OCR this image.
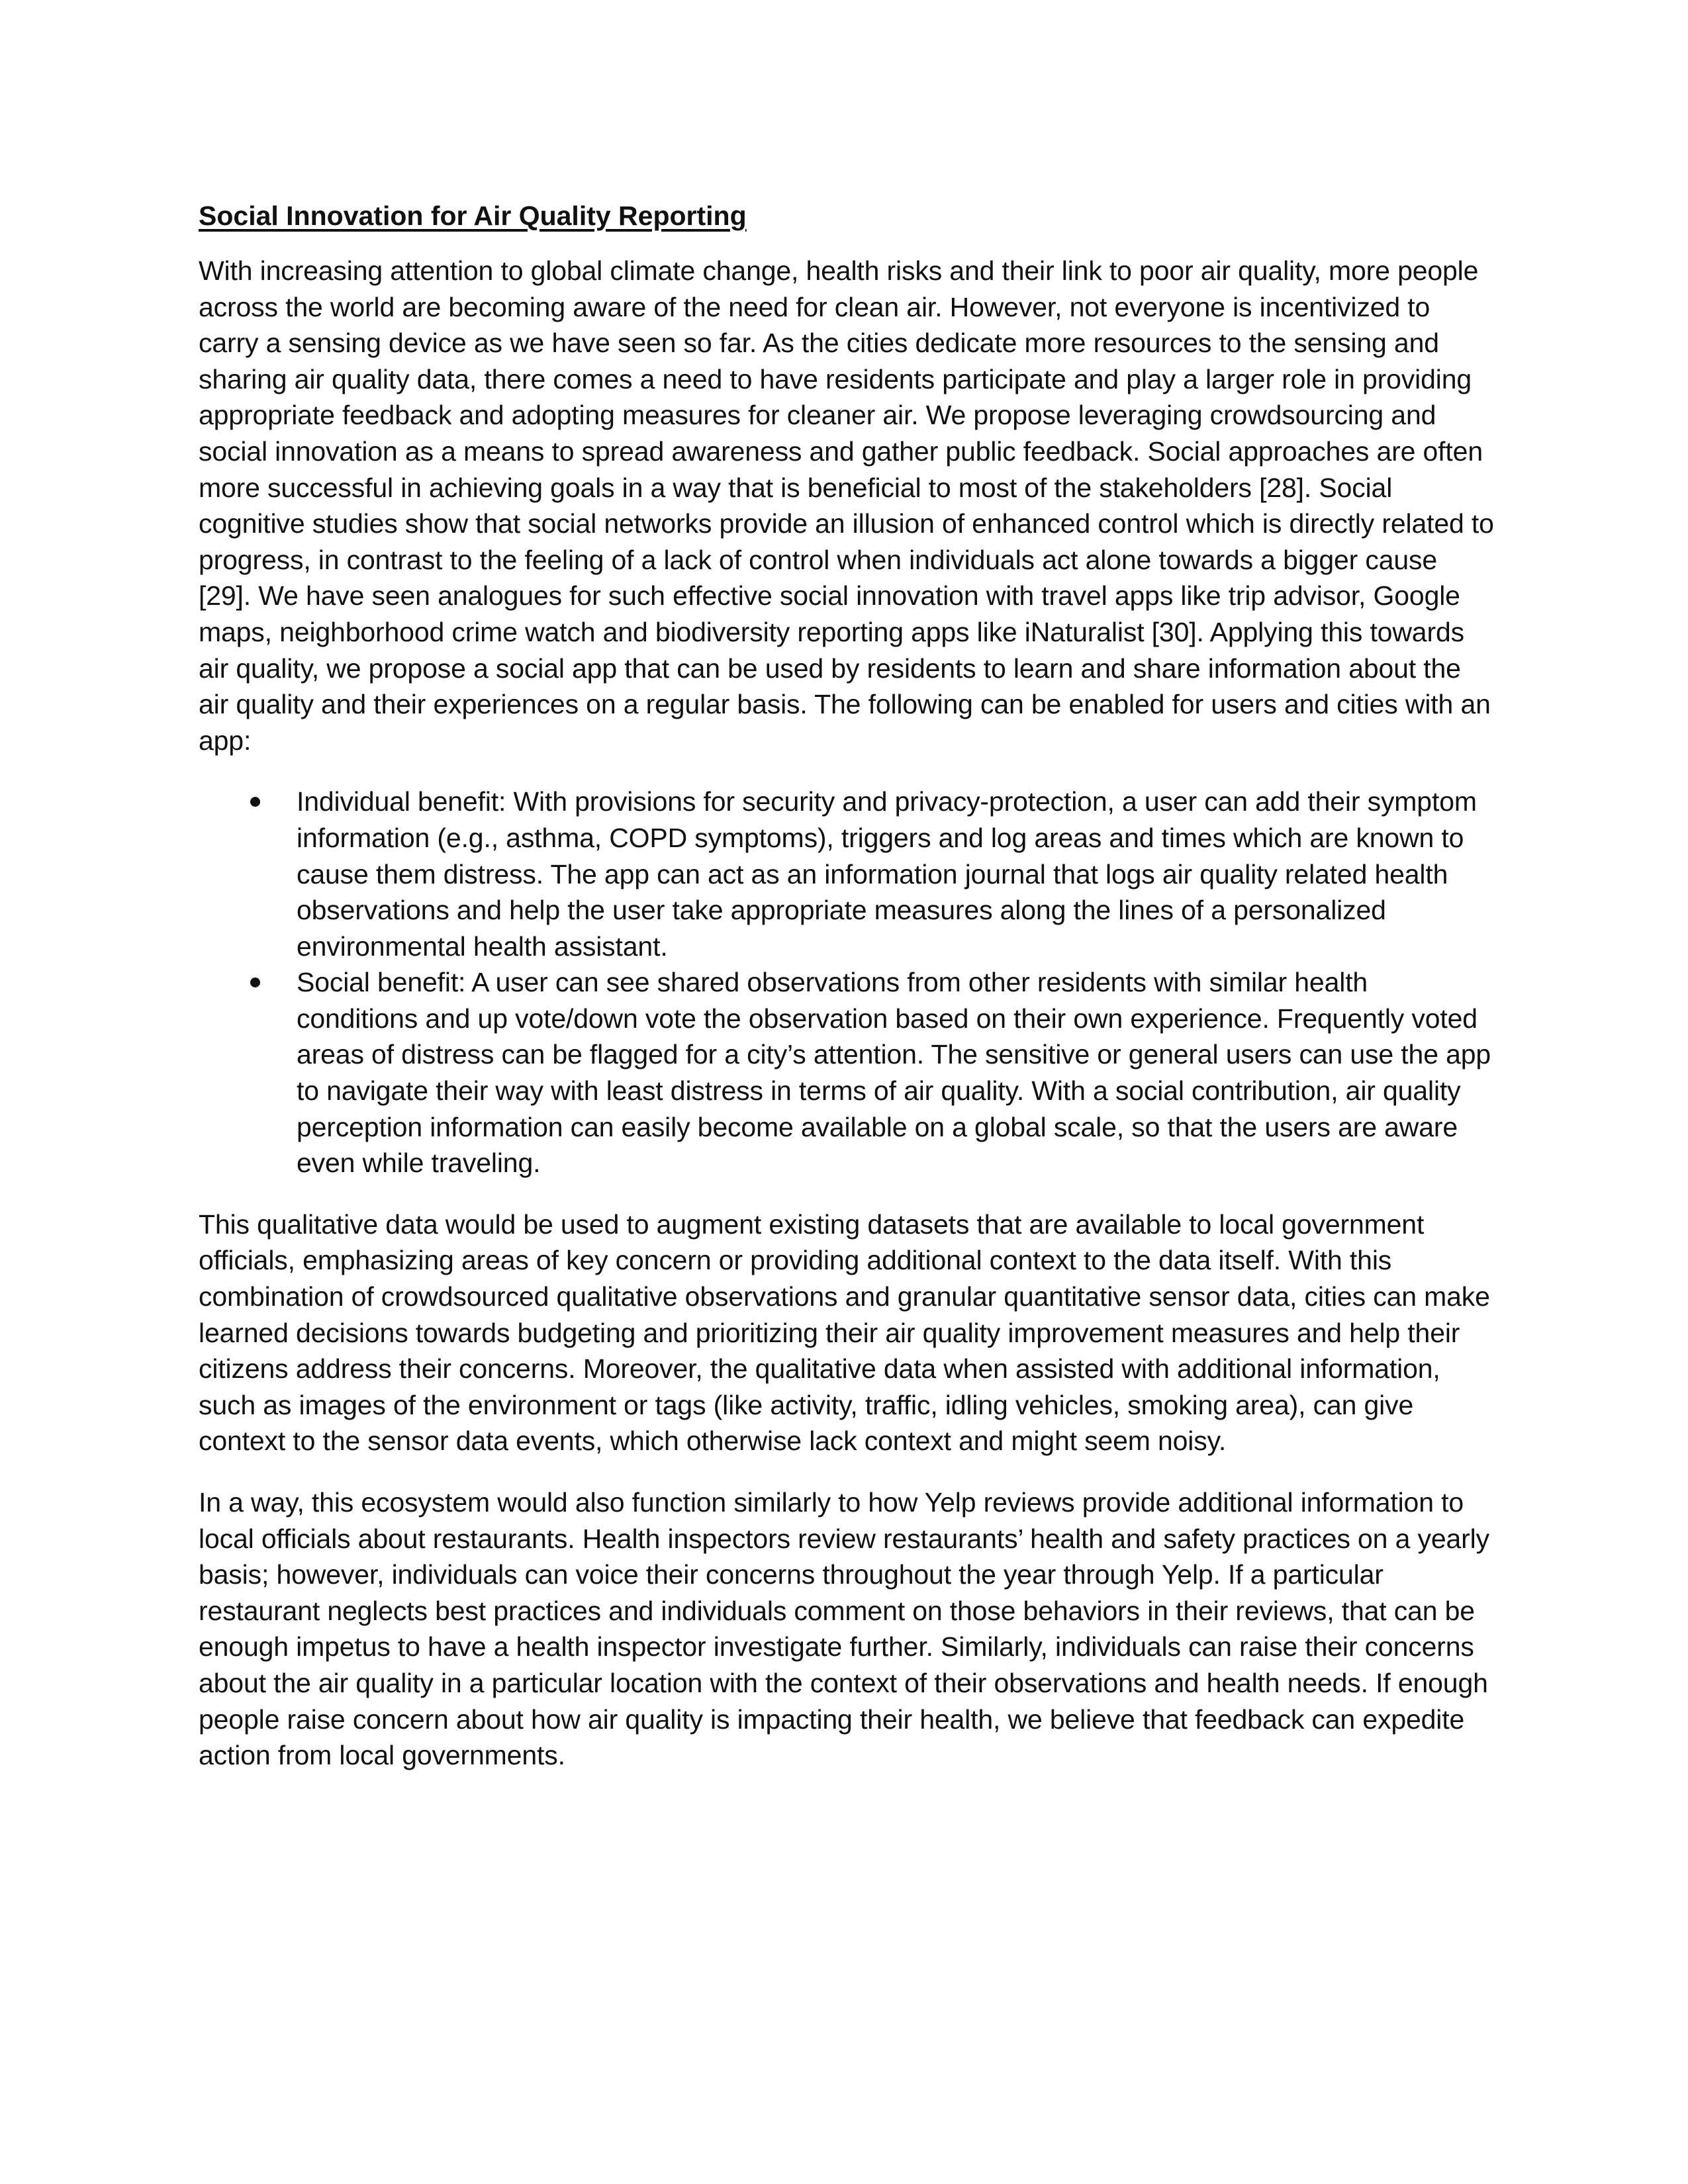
Social Innovation for Air Quality Reporting

With increasing attention to global climate change, health risks and their link to poor air quality, more people across the world are becoming aware of the need for clean air. However, not everyone is incentivized to carry a sensing device as we have seen so far. As the cities dedicate more resources to the sensing and sharing air quality data, there comes a need to have residents participate and play a larger role in providing appropriate feedback and adopting measures for cleaner air. We propose leveraging crowdsourcing and social innovation as a means to spread awareness and gather public feedback. Social approaches are often more successful in achieving goals in a way that is beneficial to most of the stakeholders [28]. Social cognitive studies show that social networks provide an illusion of enhanced control which is directly related to progress, in contrast to the feeling of a lack of control when individuals act alone towards a bigger cause [29]. We have seen analogues for such effective social innovation with travel apps like trip advisor, Google maps, neighborhood crime watch and biodiversity reporting apps like iNaturalist [30]. Applying this towards air quality, we propose a social app that can be used by residents to learn and share information about the air quality and their experiences on a regular basis. The following can be enabled for users and cities with an app:

Individual benefit: With provisions for security and privacy-protection, a user can add their symptom information (e.g., asthma, COPD symptoms), triggers and log areas and times which are known to cause them distress. The app can act as an information journal that logs air quality related health observations and help the user take appropriate measures along the lines of a personalized environmental health assistant.
Social benefit: A user can see shared observations from other residents with similar health conditions and up vote/down vote the observation based on their own experience. Frequently voted areas of distress can be flagged for a city’s attention. The sensitive or general users can use the app to navigate their way with least distress in terms of air quality. With a social contribution, air quality perception information can easily become available on a global scale, so that the users are aware even while traveling.

This qualitative data would be used to augment existing datasets that are available to local government officials, emphasizing areas of key concern or providing additional context to the data itself. With this combination of crowdsourced qualitative observations and granular quantitative sensor data, cities can make learned decisions towards budgeting and prioritizing their air quality improvement measures and help their citizens address their concerns. Moreover, the qualitative data when assisted with additional information, such as images of the environment or tags (like activity, traffic, idling vehicles, smoking area), can give context to the sensor data events, which otherwise lack context and might seem noisy.

In a way, this ecosystem would also function similarly to how Yelp reviews provide additional information to local officials about restaurants. Health inspectors review restaurants’ health and safety practices on a yearly basis; however, individuals can voice their concerns throughout the year through Yelp. If a particular restaurant neglects best practices and individuals comment on those behaviors in their reviews, that can be enough impetus to have a health inspector investigate further. Similarly, individuals can raise their concerns about the air quality in a particular location with the context of their observations and health needs. If enough people raise concern about how air quality is impacting their health, we believe that feedback can expedite action from local governments.
